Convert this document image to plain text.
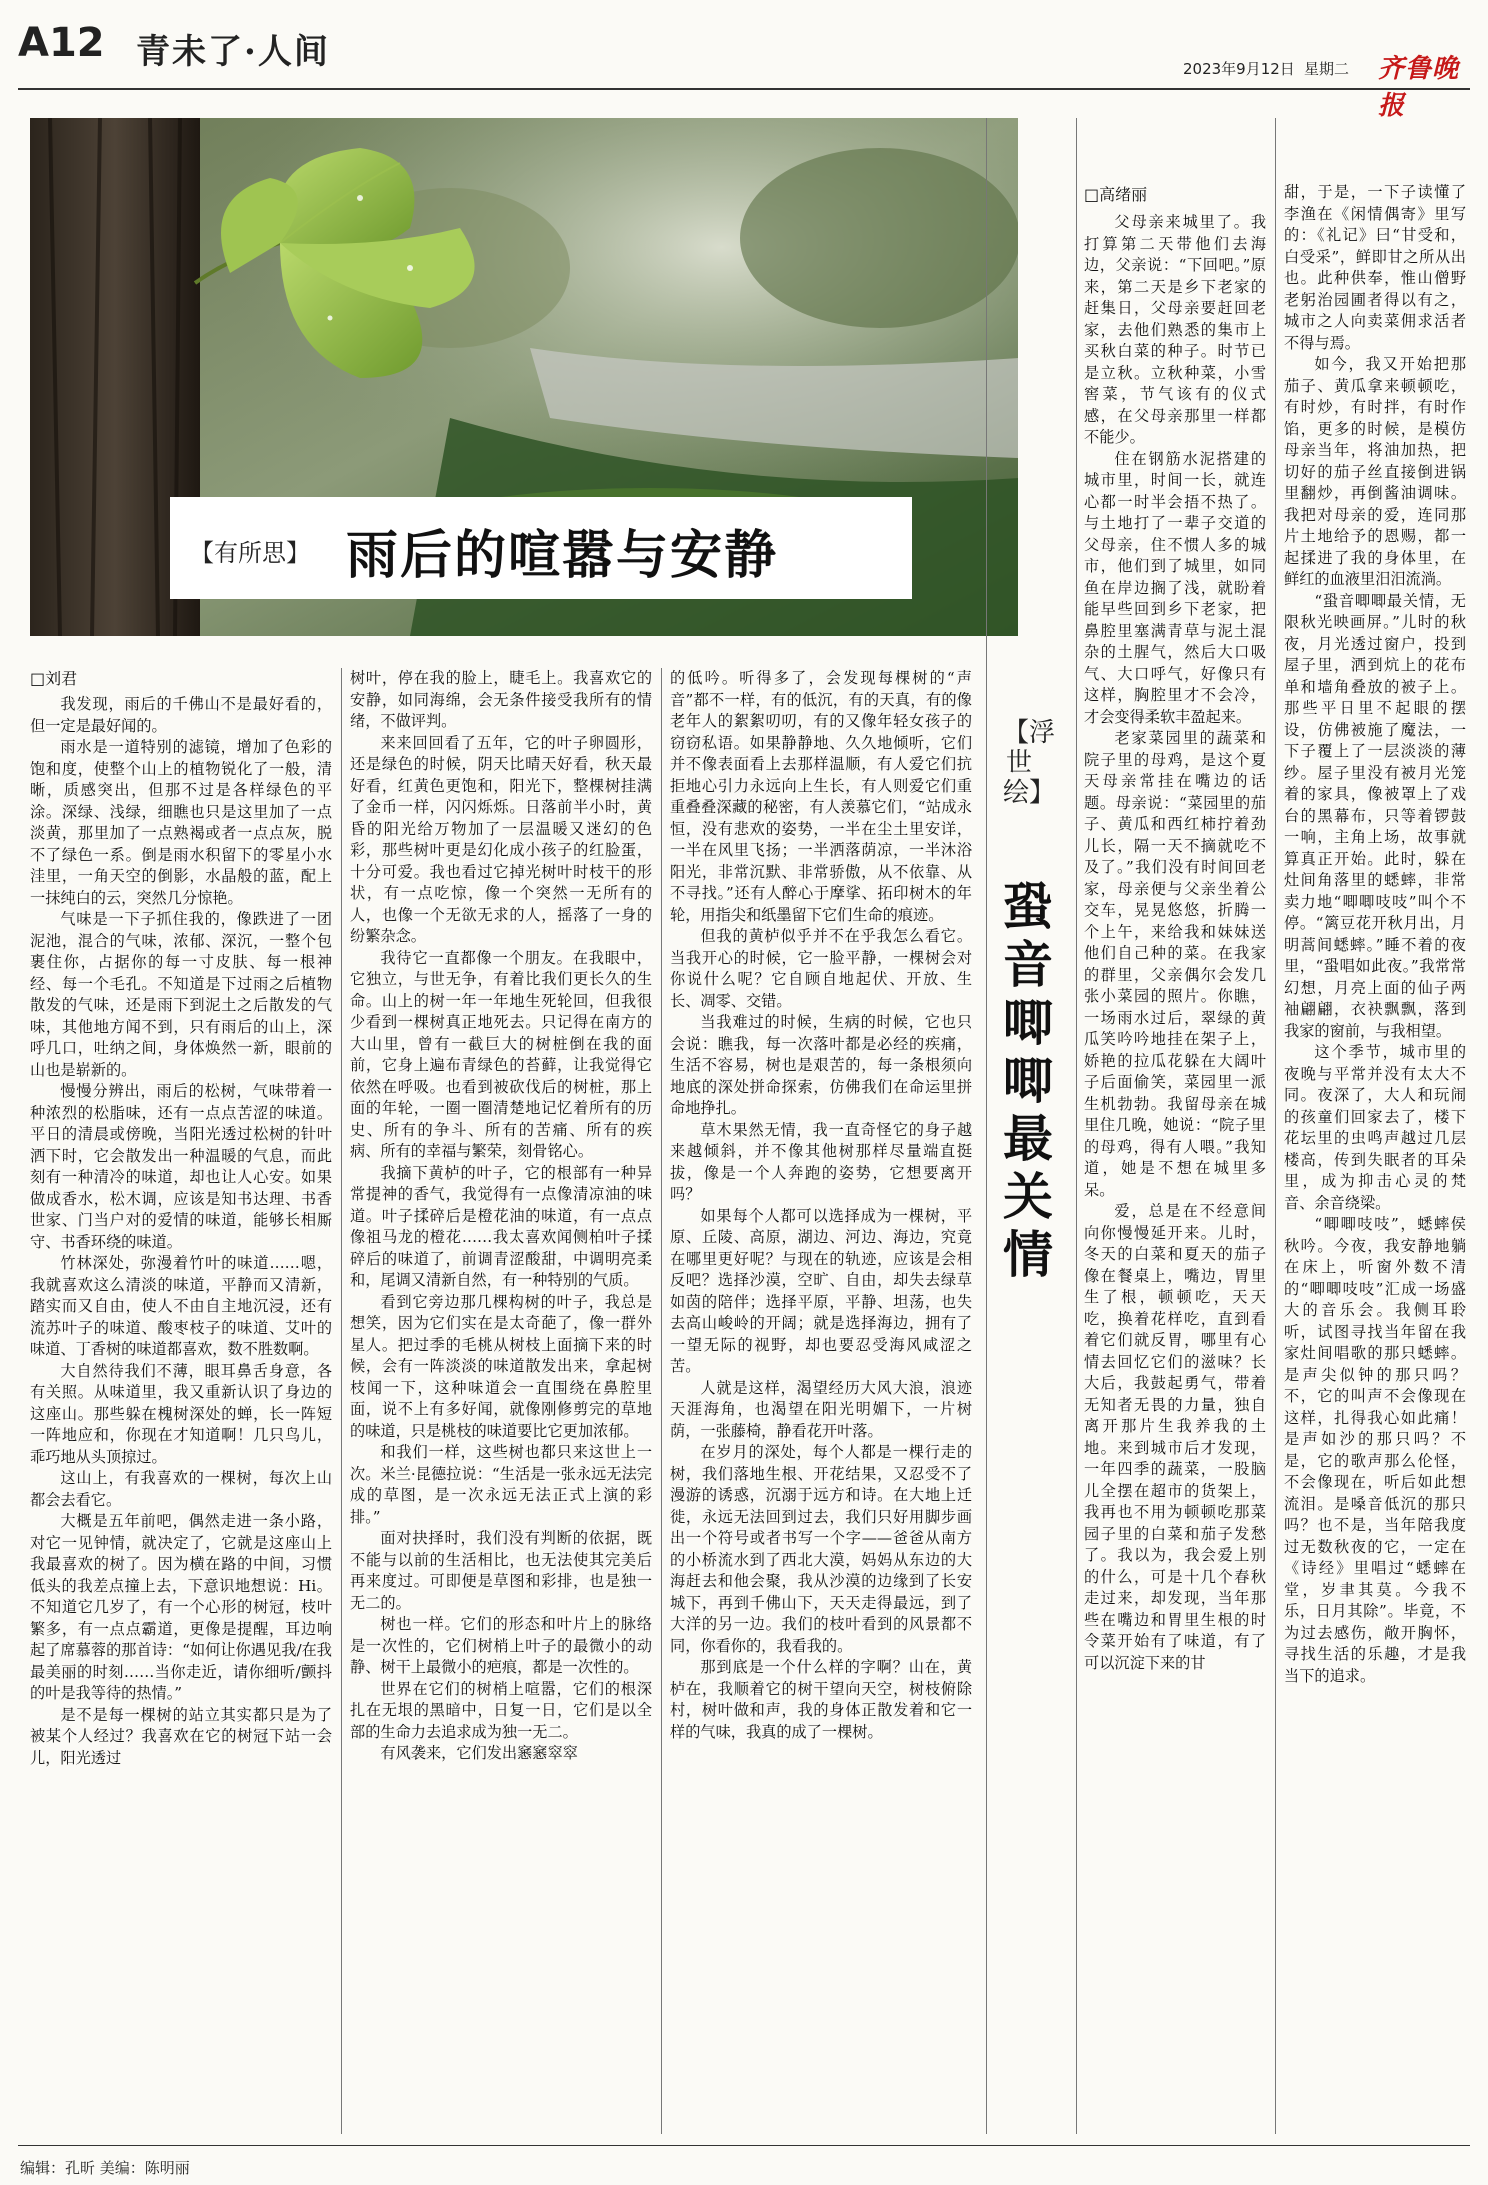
A12 青未了·人间	2023年9月12日 星期二 齐鲁晚报
【有所思】 雨后的喧嚣与安静
□刘君

我发现，雨后的千佛山不是最好看的，但一定是最好闻的。

雨水是一道特别的滤镜，增加了色彩的饱和度，使整个山上的植物锐化了一般，清晰，质感突出，但那不过是各样绿色的平涂。深绿、浅绿，细瞧也只是这里加了一点淡黄，那里加了一点熟褐或者一点点灰，脱不了绿色一系。倒是雨水积留下的零星小水洼里，一角天空的倒影，水晶般的蓝，配上一抹纯白的云，突然几分惊艳。

气味是一下子抓住我的，像跌进了一团泥池，混合的气味，浓郁、深沉，一整个包裹住你，占据你的每一寸皮肤、每一根神经、每一个毛孔。不知道是下过雨之后植物散发的气味，还是雨下到泥土之后散发的气味，其他地方闻不到，只有雨后的山上，深呼几口，吐纳之间，身体焕然一新，眼前的山也是崭新的。

慢慢分辨出，雨后的松树，气味带着一种浓烈的松脂味，还有一点点苦涩的味道。平日的清晨或傍晚，当阳光透过松树的针叶洒下时，它会散发出一种温暖的气息，而此刻有一种清冷的味道，却也让人心安。如果做成香水，松木调，应该是知书达理、书香世家、门当户对的爱情的味道，能够长相厮守、书香环绕的味道。

竹林深处，弥漫着竹叶的味道……嗯，我就喜欢这么清淡的味道，平静而又清新，踏实而又自由，使人不由自主地沉浸，还有流苏叶子的味道、酸枣枝子的味道、艾叶的味道、丁香树的味道都喜欢，数不胜数啊。

大自然待我们不薄，眼耳鼻舌身意，各有关照。从味道里，我又重新认识了身边的这座山。那些躲在槐树深处的蝉，长一阵短一阵地应和，你现在才知道啊！几只鸟儿，乖巧地从头顶掠过。

这山上，有我喜欢的一棵树，每次上山都会去看它。

大概是五年前吧，偶然走进一条小路，对它一见钟情，就决定了，它就是这座山上我最喜欢的树了。因为横在路的中间，习惯低头的我差点撞上去，下意识地想说：Hi。不知道它几岁了，有一个心形的树冠，枝叶繁多，有一点点霸道，更像是提醒，耳边响起了席慕蓉的那首诗：“如何让你遇见我/在我最美丽的时刻……当你走近，请你细听/颤抖的叶是我等待的热情。”

是不是每一棵树的站立其实都只是为了被某个人经过？我喜欢在它的树冠下站一会儿，阳光透过

树叶，停在我的脸上，睫毛上。我喜欢它的安静，如同海绵，会无条件接受我所有的情绪，不做评判。

来来回回看了五年，它的叶子卵圆形，还是绿色的时候，阴天比晴天好看，秋天最好看，红黄色更饱和，阳光下，整棵树挂满了金币一样，闪闪烁烁。日落前半小时，黄昏的阳光给万物加了一层温暖又迷幻的色彩，那些树叶更是幻化成小孩子的红脸蛋，十分可爱。我也看过它掉光树叶时枝干的形状，有一点吃惊，像一个突然一无所有的人，也像一个无欲无求的人，摇落了一身的纷繁杂念。

我待它一直都像一个朋友。在我眼中，它独立，与世无争，有着比我们更长久的生命。山上的树一年一年地生死轮回，但我很少看到一棵树真正地死去。只记得在南方的大山里，曾有一截巨大的树桩倒在我的面前，它身上遍布青绿色的苔藓，让我觉得它依然在呼吸。也看到被砍伐后的树桩，那上面的年轮，一圈一圈清楚地记忆着所有的历史、所有的争斗、所有的苦痛、所有的疾病、所有的幸福与繁荣，刻骨铭心。

我摘下黄栌的叶子，它的根部有一种异常提神的香气，我觉得有一点像清凉油的味道。叶子揉碎后是橙花油的味道，有一点点像祖马龙的橙花……我太喜欢闻侧柏叶子揉碎后的味道了，前调青涩酸甜，中调明亮柔和，尾调又清新自然，有一种特别的气质。

看到它旁边那几棵构树的叶子，我总是想笑，因为它们实在是太奇葩了，像一群外星人。把过季的毛桃从树枝上面摘下来的时候，会有一阵淡淡的味道散发出来，拿起树枝闻一下，这种味道会一直围绕在鼻腔里面，说不上有多好闻，就像刚修剪完的草地的味道，只是桃枝的味道要比它更加浓郁。

和我们一样，这些树也都只来这世上一次。米兰·昆德拉说：“生活是一张永远无法完成的草图，是一次永远无法正式上演的彩排。”

面对抉择时，我们没有判断的依据，既不能与以前的生活相比，也无法使其完美后再来度过。可即便是草图和彩排，也是独一无二的。

树也一样。它们的形态和叶片上的脉络是一次性的，它们树梢上叶子的最微小的动静、树干上最微小的疤痕，都是一次性的。

世界在它们的树梢上喧嚣，它们的根深扎在无垠的黑暗中，日复一日，它们是以全部的生命力去追求成为独一无二。

有风袭来，它们发出窸窸窣窣

的低吟。听得多了，会发现每棵树的“声音”都不一样，有的低沉，有的天真，有的像老年人的絮絮叨叨，有的又像年轻女孩子的窃窃私语。如果静静地、久久地倾听，它们并不像表面看上去那样温顺，有人爱它们抗拒地心引力永远向上生长，有人则爱它们重重叠叠深藏的秘密，有人羡慕它们，“站成永恒，没有悲欢的姿势，一半在尘土里安详，一半在风里飞扬；一半洒落荫凉，一半沐浴阳光，非常沉默、非常骄傲，从不依靠、从不寻找。”还有人醉心于摩挲、拓印树木的年轮，用指尖和纸墨留下它们生命的痕迹。

但我的黄栌似乎并不在乎我怎么看它。当我开心的时候，它一脸平静，一棵树会对你说什么呢？它自顾自地起伏、开放、生长、凋零、交错。

当我难过的时候，生病的时候，它也只会说：瞧我，每一次落叶都是必经的疾痛，生活不容易，树也是艰苦的，每一条根须向地底的深处拼命探索，仿佛我们在命运里拼命地挣扎。

草木果然无情，我一直奇怪它的身子越来越倾斜，并不像其他树那样尽量端直挺拔，像是一个人奔跑的姿势，它想要离开吗？

如果每个人都可以选择成为一棵树，平原、丘陵、高原，湖边、河边、海边，究竟在哪里更好呢？与现在的轨迹，应该是会相反吧？选择沙漠，空旷、自由，却失去绿草如茵的陪伴；选择平原，平静、坦荡，也失去高山峻岭的开阔；就是选择海边，拥有了一望无际的视野，却也要忍受海风咸涩之苦。

人就是这样，渴望经历大风大浪，浪迹天涯海角，也渴望在阳光明媚下，一片树荫，一张藤椅，静看花开叶落。

在岁月的深处，每个人都是一棵行走的树，我们落地生根、开花结果，又忍受不了漫游的诱惑，沉溺于远方和诗。在大地上迁徙，永远无法回到过去，我们只好用脚步画出一个符号或者书写一个字——爸爸从南方的小桥流水到了西北大漠，妈妈从东边的大海赶去和他会聚，我从沙漠的边缘到了长安城下，再到千佛山下，天天走得最远，到了大洋的另一边。我们的枝叶看到的风景都不同，你看你的，我看我的。

那到底是一个什么样的字啊？山在，黄栌在，我顺着它的树干望向天空，树枝俯除村，树叶做和声，我的身体正散发着和它一样的气味，我真的成了一棵树。

【浮世绘】
蛩音唧唧最关情
□高绪丽

父母亲来城里了。我打算第二天带他们去海边，父亲说：“下回吧。”原来，第二天是乡下老家的赶集日，父母亲要赶回老家，去他们熟悉的集市上买秋白菜的种子。时节已是立秋。立秋种菜，小雪窖菜，节气该有的仪式感，在父母亲那里一样都不能少。

住在钢筋水泥搭建的城市里，时间一长，就连心都一时半会捂不热了。与土地打了一辈子交道的父母亲，住不惯人多的城市，他们到了城里，如同鱼在岸边搁了浅，就盼着能早些回到乡下老家，把鼻腔里塞满青草与泥土混杂的土腥气，然后大口吸气、大口呼气，好像只有这样，胸腔里才不会冷，才会变得柔软丰盈起来。

老家菜园里的蔬菜和院子里的母鸡，是这个夏天母亲常挂在嘴边的话题。母亲说：“菜园里的茄子、黄瓜和西红柿拧着劲儿长，隔一天不摘就吃不及了。”我们没有时间回老家，母亲便与父亲坐着公交车，晃晃悠悠，折腾一个上午，来给我和妹妹送他们自己种的菜。在我家的群里，父亲偶尔会发几张小菜园的照片。你瞧，一场雨水过后，翠绿的黄瓜笑吟吟地挂在架子上，娇艳的拉瓜花躲在大阔叶子后面偷笑，菜园里一派生机勃勃。我留母亲在城里住几晚，她说：“院子里的母鸡，得有人喂。”我知道，她是不想在城里多呆。

爱，总是在不经意间向你慢慢延开来。儿时，冬天的白菜和夏天的茄子像在餐桌上，嘴边，胃里生了根，顿顿吃，天天吃，换着花样吃，直到看着它们就反胃，哪里有心情去回忆它们的滋味？长大后，我鼓起勇气，带着无知者无畏的力量，独自离开那片生我养我的土地。来到城市后才发现，一年四季的蔬菜，一股脑儿全摆在超市的货架上，我再也不用为顿顿吃那菜园子里的白菜和茄子发愁了。我以为，我会爱上别的什么，可是十几个春秋走过来，却发现，当年那些在嘴边和胃里生根的时令菜开始有了味道，有了可以沉淀下来的甘

甜，于是，一下子读懂了李渔在《闲情偶寄》里写的：《礼记》曰“甘受和，白受采”，鲜即甘之所从出也。此种供奉，惟山僧野老躬治园圃者得以有之，城市之人向卖菜佣求活者不得与焉。

如今，我又开始把那茄子、黄瓜拿来顿顿吃，有时炒，有时拌，有时作馅，更多的时候，是模仿母亲当年，将油加热，把切好的茄子丝直接倒进锅里翻炒，再倒酱油调味。我把对母亲的爱，连同那片土地给予的恩赐，都一起揉进了我的身体里，在鲜红的血液里汨汨流淌。

“蛩音唧唧最关情，无限秋光映画屏。”儿时的秋夜，月光透过窗户，投到屋子里，洒到炕上的花布单和墙角叠放的被子上。那些平日里不起眼的摆设，仿佛被施了魔法，一下子覆上了一层淡淡的薄纱。屋子里没有被月光笼着的家具，像被罩上了戏台的黑幕布，只等着锣鼓一响，主角上场，故事就算真正开始。此时，躲在灶间角落里的蟋蟀，非常卖力地“唧唧吱吱”叫个不停。“篱豆花开秋月出，月明蒿间蟋蟀。”睡不着的夜里，“蛩唱如此夜。”我常常幻想，月亮上面的仙子两袖翩翩，衣袂飘飘，落到我家的窗前，与我相望。

这个季节，城市里的夜晚与平常并没有太大不同。夜深了，大人和玩闹的孩童们回家去了，楼下花坛里的虫鸣声越过几层楼高，传到失眠者的耳朵里，成为抑击心灵的梵音、余音绕梁。

“唧唧吱吱”，蟋蟀侯秋吟。今夜，我安静地躺在床上，听窗外数不清的“唧唧吱吱”汇成一场盛大的音乐会。我侧耳聆听，试图寻找当年留在我家灶间唱歌的那只蟋蟀。是声尖似钟的那只吗？不，它的叫声不会像现在这样，扎得我心如此痛！是声如沙的那只吗？不是，它的歌声那么伦怪，不会像现在，听后如此想流泪。是嗓音低沉的那只吗？也不是，当年陪我度过无数秋夜的它，一定在《诗经》里唱过“蟋蟀在堂，岁聿其莫。今我不乐，日月其除”。毕竟，不为过去感伤，敞开胸怀，寻找生活的乐趣，才是我当下的追求。

编辑：孔昕 美编：陈明丽
